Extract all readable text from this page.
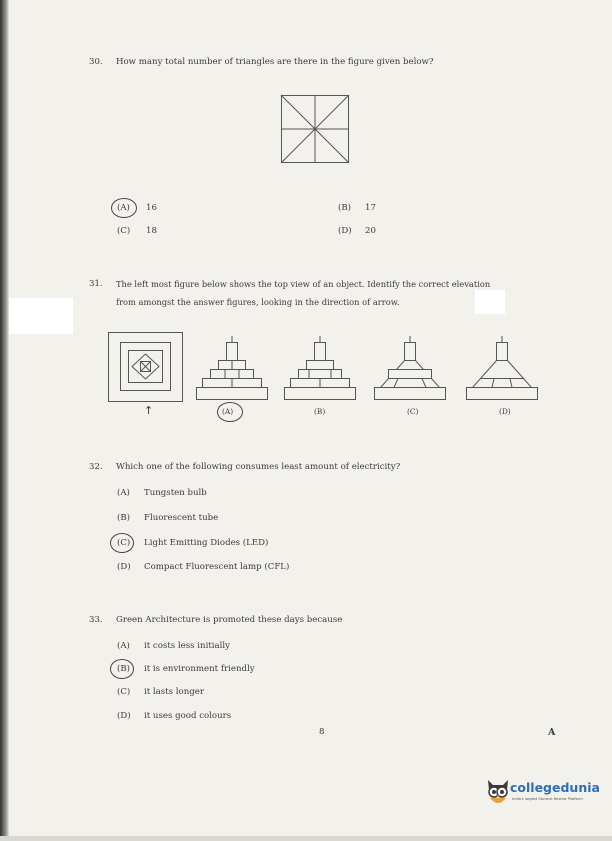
30. How many total number of triangles are there in the figure given below?
(A) 16	(B) 17
(C) 18	(D) 20
31. The left most figure below shows the top view of an object. Identify the correct elevation
from amongst the answer figures, looking in the direction of arrow.
↑	(A)	(B)	(C)	(D)
32. Which one of the following consumes least amount of electricity?
(A) Tungsten bulb
(B) Fluorescent tube
(C) Light Emitting Diodes (LED)
(D) Compact Fluorescent lamp (CFL)
33. Green Architecture is promoted these days because
(A) it costs less initially
(B) it is environment friendly
(C) it lasts longer
(D) it uses good colours
8	A
collegedunia
India's largest Student Review Platform
